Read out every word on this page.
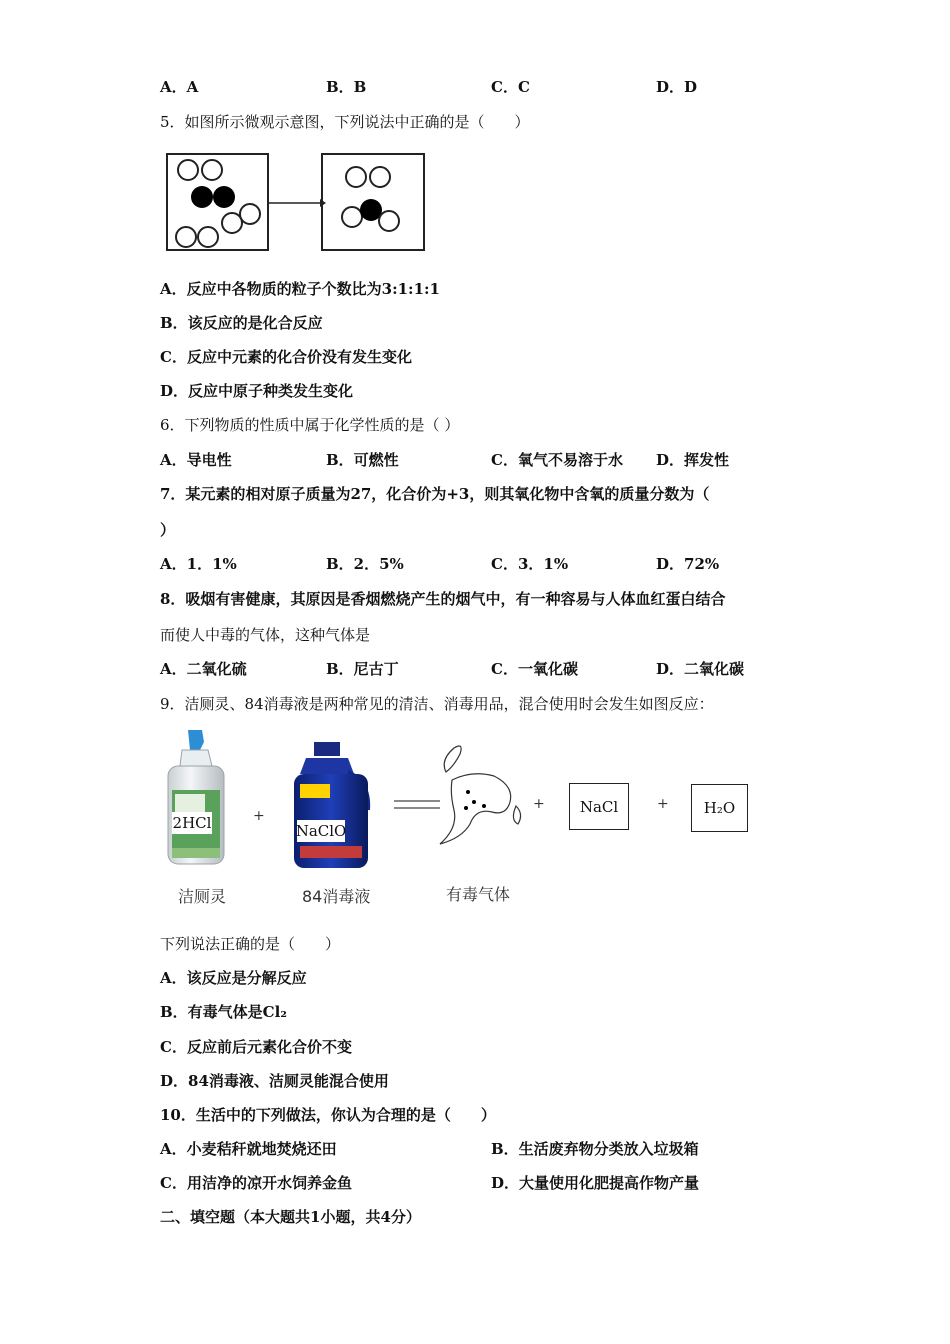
A．A	B．B	C．C	D．D
5．如图所示微观示意图，下列说法中正确的是（　　）
A．反应中各物质的粒子个数比为3:1:1:1
B．该反应的是化合反应
C．反应中元素的化合价没有发生变化
D．反应中原子种类发生变化
6．下列物质的性质中属于化学性质的是（ ）
A．导电性	B．可燃性	C．氧气不易溶于水 D．挥发性
7．某元素的相对原子质量为27，化合价为+3，则其氧化物中含氧的质量分数为（
）
A．1．1%	B．2．5%	C．3．1%	D．72%
8．吸烟有害健康，其原因是香烟燃烧产生的烟气中，有一种容易与人体血红蛋白结合
而使人中毒的气体，这种气体是
A．二氧化硫	B．尼古丁	C．一氧化碳	D．二氧化碳
9．洁厕灵、84消毒液是两种常见的清洁、消毒用品，混合使用时会发生如图反应：
2HCl
洁厕灵
+
NaClO
84消毒液	有毒气体
+	NaCl	+	H₂O
下列说法正确的是（　　）
A．该反应是分解反应
B．有毒气体是Cl₂
C．反应前后元素化合价不变
D．84消毒液、洁厕灵能混合使用
10．生活中的下列做法，你认为合理的是（　　）
A．小麦秸秆就地焚烧还田	B．生活废弃物分类放入垃圾箱
C．用洁净的凉开水饲养金鱼	D．大量使用化肥提高作物产量
二、填空题（本大题共1小题，共4分）
